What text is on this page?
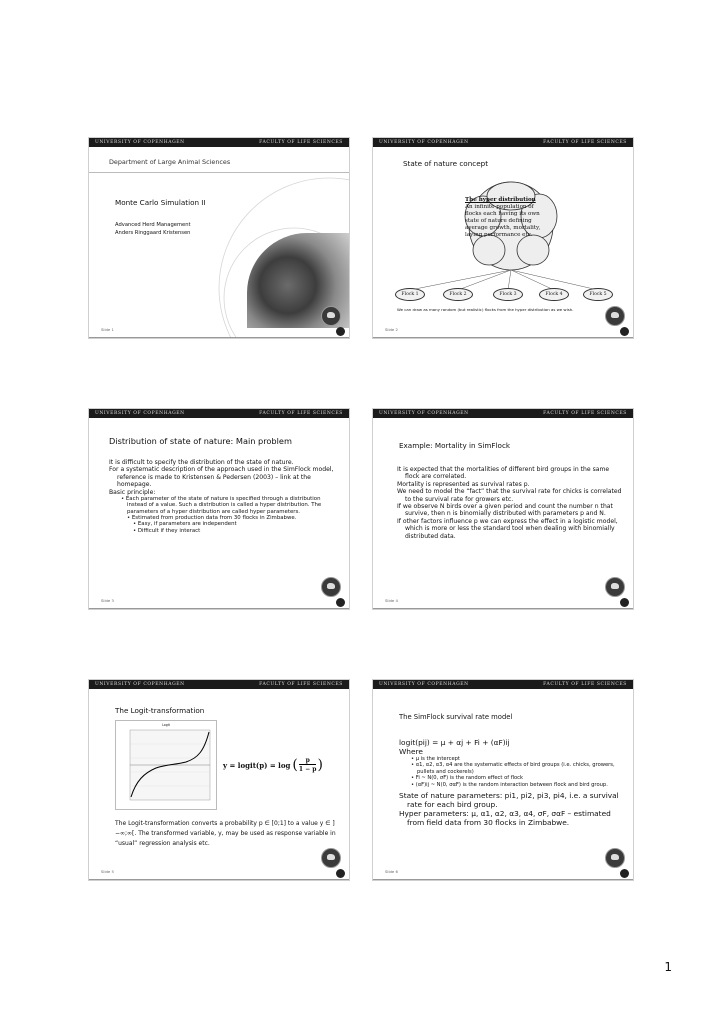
UNIVERSITY OF COPENHAGEN	FACULTY OF LIFE SCIENCES
Department of Large Animal Sciences
Monte Carlo Simulation II
Advanced Herd Management
Anders Ringgaard Kristensen
Slide 1
UNIVERSITY OF COPENHAGEN	FACULTY OF LIFE SCIENCES
State of nature concept
The hyper distribution
An infinite population of
flocks each having its own
state of nature defining
average growth, mortality,
laying performance etc.
Flock 1	Flock 2	Flock 3	Flock 4	Flock 5
We can draw as many random (but realistic) flocks from the hyper distribution as we wish.
Slide 2
UNIVERSITY OF COPENHAGEN	FACULTY OF LIFE SCIENCES
Distribution of state of nature: Main problem

It is difficult to specify the distribution of the state of nature.

For a systematic description of the approach used in the SimFlock model, reference is made to Kristensen & Pedersen (2003) – link at the homepage.

Basic principle:

• Each parameter of the state of nature is specified through a distribution instead of a value. Such a distribution is called a hyper distribution. The parameters of a hyper distribution are called hyper parameters.

• Estimated from production data from 30 flocks in Zimbabwe.

• Easy, if parameters are independent

• Difficult if they interact

Slide 3
UNIVERSITY OF COPENHAGEN	FACULTY OF LIFE SCIENCES
Example: Mortality in SimFlock

It is expected that the mortalities of different bird groups in the same flock are correlated.

Mortality is represented as survival rates p.

We need to model the “fact” that the survival rate for chicks is correlated to the survival rate for growers etc.

If we observe N birds over a given period and count the number n that survive, then n is binomially distributed with parameters p and N.

If other factors influence p we can express the effect in a logistic model, which is more or less the standard tool when dealing with binomially distributed data.

Slide 4
UNIVERSITY OF COPENHAGEN	FACULTY OF LIFE SCIENCES
The Logit-transformation
Logit
y = logit(p) = log ( $\frac{p}{1 - p}$ )
The Logit-transformation converts a probability p ∈ [0;1] to a value y ∈ ]−∞;∞[. The transformed variable, y, may be used as response variable in “usual” regression analysis etc.
Slide 5
UNIVERSITY OF COPENHAGEN	FACULTY OF LIFE SCIENCES
The SimFlock survival rate model

logit(pij) = μ + αj + Fi + (αF)ij

Where

• μ is the intercept

• α1, α2, α3, α4 are the systematic effects of bird groups (i.e. chicks, growers, pullets and cockerels)

• Fi ~ N(0, σF) is the random effect of flock

• (αF)ij ~ N(0, σαF) is the random interaction between flock and bird group.

State of nature parameters: pi1, pi2, pi3, pi4, i.e. a survival rate for each bird group.

Hyper parameters: μ, α1, α2, α3, α4, σF, σαF – estimated from field data from 30 flocks in Zimbabwe.

Slide 6
1
